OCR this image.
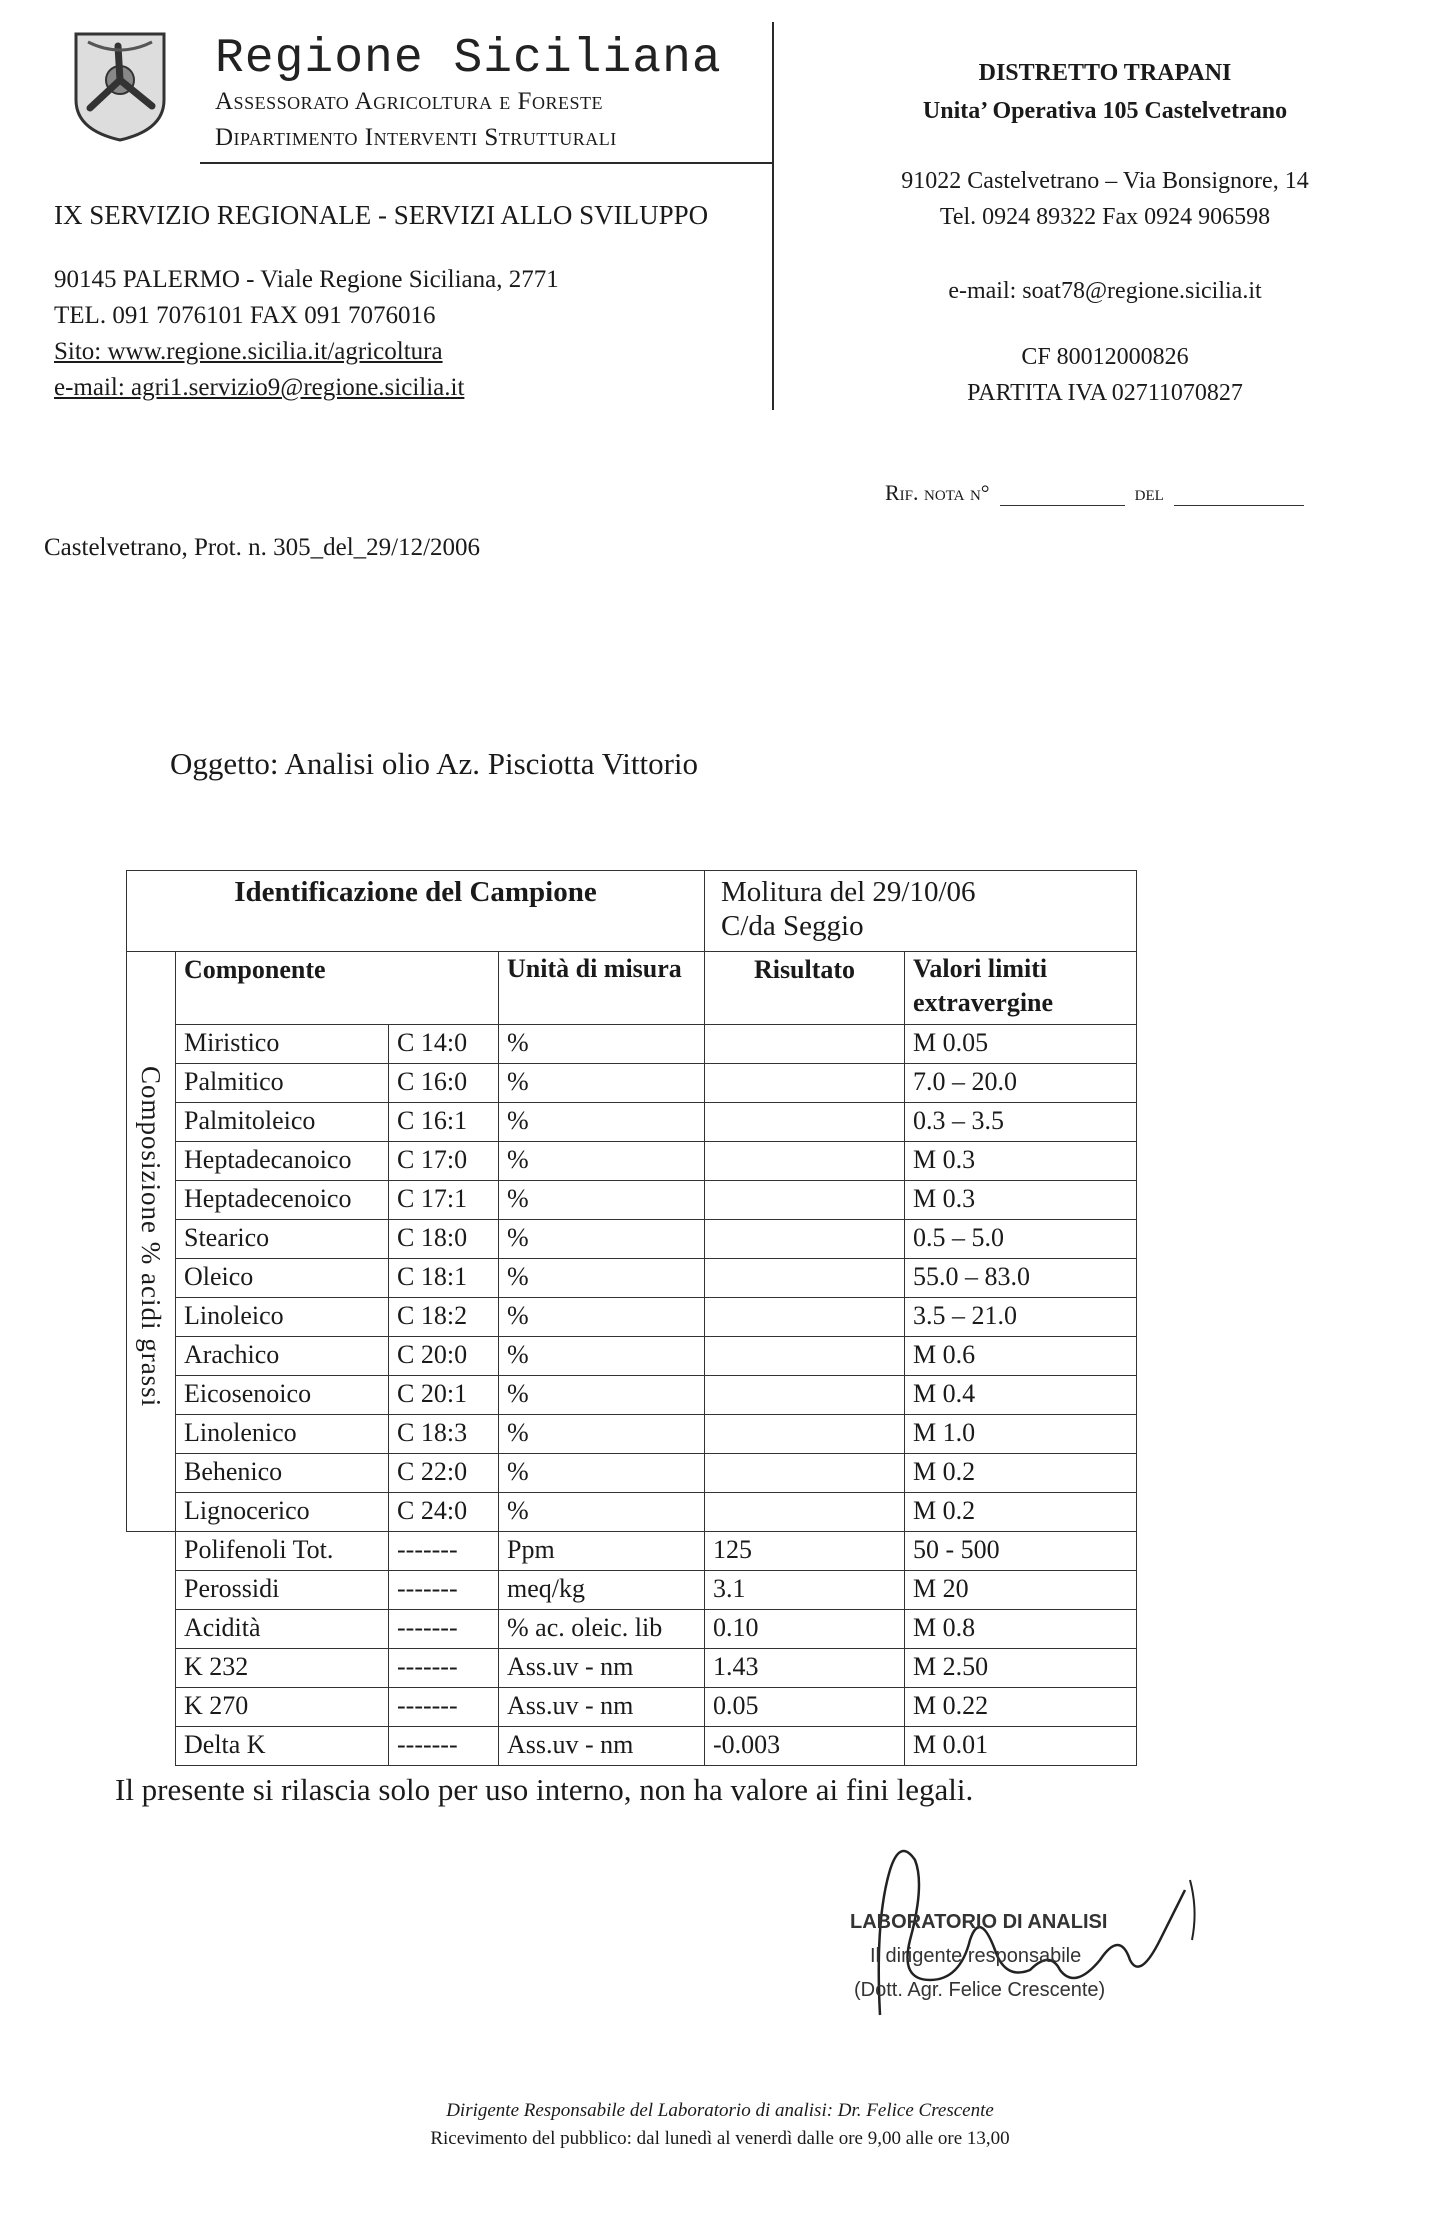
Regione Siciliana
Assessorato Agricoltura e Foreste
Dipartimento Interventi Strutturali
IX SERVIZIO REGIONALE - SERVIZI ALLO SVILUPPO
90145 PALERMO - Viale Regione Siciliana, 2771
TEL. 091 7076101 FAX 091 7076016
Sito: www.regione.sicilia.it/agricoltura
e-mail: agri1.servizio9@regione.sicilia.it
DISTRETTO TRAPANI
Unita’ Operativa 105 Castelvetrano
91022 Castelvetrano – Via Bonsignore, 14
Tel. 0924 89322 Fax 0924 906598
e-mail: soat78@regione.sicilia.it
CF 80012000826
PARTITA IVA 02711070827
Rif. nota n°	del
Castelvetrano, Prot. n. 305_del_29/12/2006
Oggetto: Analisi olio Az. Pisciotta Vittorio
Identificazione del Campione				Molitura del 29/10/06
C/da Seggio	

Composizione % acidi grassi	Componente		Unità di misura	Risultato	Valori limiti extravergine
	Miristico	C 14:0	%		M 0.05
	Palmitico	C 16:0	%		7.0 – 20.0
	Palmitoleico	C 16:1	%		0.3 – 3.5
	Heptadecanoico	C 17:0	%		M 0.3
	Heptadecenoico	C 17:1	%		M 0.3
	Stearico	C 18:0	%		0.5 – 5.0
	Oleico	C 18:1	%		55.0 – 83.0
	Linoleico	C 18:2	%		3.5 – 21.0
	Arachico	C 20:0	%		M 0.6
	Eicosenoico	C 20:1	%		M 0.4
	Linolenico	C 18:3	%		M 1.0
	Behenico	C 22:0	%		M 0.2
	Lignocerico	C 24:0	%		M 0.2
	Polifenoli Tot.	-------	Ppm	125	50 - 500
	Perossidi	-------	meq/kg	3.1	M 20
	Acidità	-------	% ac. oleic. lib	0.10	M 0.8
	K 232	-------	Ass.uv - nm	1.43	M 2.50
	K 270	-------	Ass.uv - nm	0.05	M 0.22
	Delta K	-------	Ass.uv - nm	-0.003	M 0.01
Il presente si rilascia solo per uso interno, non ha valore ai fini legali.
LABORATORIO DI ANALISI
Il dirigente responsabile
(Dott. Agr. Felice Crescente)
Dirigente Responsabile del Laboratorio di analisi: Dr. Felice Crescente
Ricevimento del pubblico: dal lunedì al venerdì dalle ore 9,00 alle ore 13,00
